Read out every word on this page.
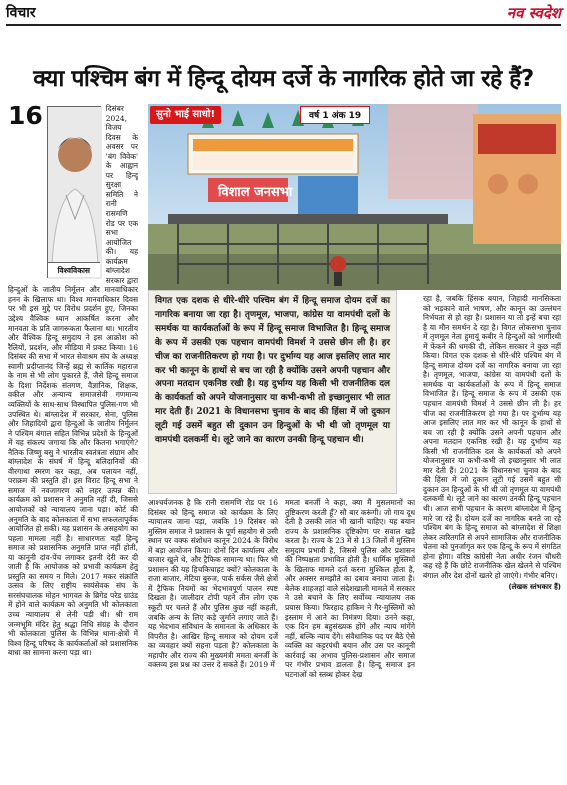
विचार	नव स्वदेश
क्या पश्चिम बंग में हिन्दू दोयम दर्जे के नागरिक होते जा रहे हैं?
16
विश्वविकास
दिसंबर 2024, विजय दिवस के अवसर पर 'बंग विवेक' के आह्वान पर हिन्दू सुरक्षा समिति ने रानी रासमणि रोड पर एक सभा आयोजित की। यह कार्यक्रम बांग्लादेश सरकार द्वारा हिन्दुओं के जातीय निर्मूलन और मानवाधिकार हनन के खिलाफ था। विश्व मानवाधिकार दिवस पर भी इस मुद्दे पर विरोध प्रदर्शन हुए, जिनका उद्देश्य वैश्विक ध्यान आकर्षित करना और मानवता के प्रति जागरूकता फैलाना था। भारतीय और वैश्विक हिन्दू समुदाय ने इस आक्रोश को रैलियों, प्रदर्शन, और मीडिया में प्रकट किया। 16 दिसंबर की सभा में भारत सेवाश्रम संघ के अध्यक्ष स्वामी प्रदीप्तानंद जिन्हें ब्रह्म से कार्तिक महाराज के नाम से भी लोग पुकारते हैं, जैसे हिन्दू समाज के दिशा निर्देशक संतगण, वैज्ञानिक, शिक्षक, वकील और अन्यान्य समाजसेवी गणमान्य व्यक्तियों के साथ-साथ विस्थापित पुलिस-गण भी उपस्थित थे। बांग्लादेश में सरकार, सेना, पुलिस और जिहादियों द्वारा हिन्दुओं के जातीय निर्मूलन ने पश्चिम बंगाल सहित विभिन्न प्रदेशों के हिन्दुओं में यह संकल्प जगाया कि और कितना भगाएंगे? नैतिक जिष्णु बसु ने भारतीय स्वतंत्रता संग्राम और बांग्लादेश के संघर्ष में हिन्दू बलिदानियों की वीरगाथा स्मरण कर कहा, अब पलायन नहीं, पराक्रम की प्रस्तुति हो। इस विराट हिन्दू सभा ने समाज में नवजागरण को लहर उत्पन्न की। कार्यक्रम को प्रशासन ने अनुमति नहीं दी, जिससे आयोजकों को न्यायालय जाना पड़ा। कोर्ट की अनुमति के बाद कोलकाता में सभा सफलतापूर्वक आयोजित हो सकी। यह प्रशासन के असहयोग का पहला मामला नहीं है। साधारणतः यहाँ हिन्दू समाज को प्रशासनिक अनुमति प्राप्त नहीं होती, या कानूनी दांव-पेंच लगाकर इतनी देरी कर दी जाती है कि आयोजक को प्रभावी कार्यक्रम हेतु प्रस्तुति का समय न मिले। 2017 मकर संक्रांति उत्सव के लिए राष्ट्रीय स्वयंसेवक संघ के सरसंघचालक मोहन भागवत के ब्रिगेड परेड ग्राउंड में होने वाले कार्यक्रम को अनुमति भी कोलकाता उच्च न्यायालय से लेनी पड़ी थी। श्री राम जन्मभूमि मंदिर हेतु श्रद्धा निधि संग्रह के दौरान भी कोलकाता पुलिस के विभिन्न थाना-क्षेत्रों में विश्व हिन्दू परिषद के कार्यकर्ताओं को प्रशासनिक बाधा का सामना करना पड़ा था।
विशाल जनसभा
सुनो भाई साधो!	वर्ष 1 अंक 19
विगत एक दशक से धीरे-धीरे पश्चिम बंग में हिन्दू समाज दोयम दर्जे का नागरिक बनाया जा रहा है। तृणमूल, भाजपा, कांग्रेस या वामपंथी दलों के समर्थक या कार्यकर्ताओं के रूप में हिन्दू समाज विभाजित है। हिन्दू समाज के रूप में उसकी एक पहचान वामपंथी विमर्श ने उससे छीन ली है। हर चीज का राजनीतिकरण हो गया है। पर दुर्भाग्य यह आज इसलिए लात मार कर भी कानून के हाथों से बच जा रही है क्योंकि उसने अपनी पहचान और अपना मतदान एकनिष्ठ रखी है। यह दुर्भाग्य यह किसी भी राजनीतिक दल के कार्यकर्ता को अपने योजनानुसार या कभी-कभी तो इच्छानुसार भी लात मार देती हैं। 2021 के विधानसभा चुनाव के बाद की हिंसा में जो दुकान लूटी गई उसमें बहुत सी दुकान उन हिन्दुओं के भी थी जो तृणमूल या वामपंथी दलकर्मी थे। लूटे जाने का कारण उनकी हिन्दू पहचान थी।
आश्चर्यजनक है कि रानी रासमणि रोड पर 16 दिसंबर को हिन्दू समाज को कार्यक्रम के लिए न्यायालय जाना पड़ा, जबकि 19 दिसंबर को मुस्लिम समाज ने प्रशासन के पूर्ण सहयोग से उसी स्थान पर वक्फ संशोधन कानून 2024 के विरोध में बड़ा आयोजन किया। दोनों दिन कार्यालय और बाजार खुले थे, और ट्रैफिक सामान्य था। फिर भी प्रशासन की यह हिचकिचाहट क्यों? कोलकाता के राजा बाजार, मेटिया बुरुज, पार्क सर्कस जैसे क्षेत्रों में ट्रैफिक नियमों का भेदभावपूर्ण पालन स्पष्ट दिखता है। जालीदार टोपी पहने तीन लोग एक स्कूटी पर चलते हैं और पुलिस कुछ नहीं कहती, जबकि अन्य के लिए कड़े जुर्माने लगाए जाते हैं। यह भेदभाव संविधान के समानता के अधिकार के विपरीत है। आखिर हिन्दू समाज को दोयम दर्जे का व्यवहार क्यों सहना पड़ता है? कोलकाता के महापौर और राज्य की मुख्यमंत्री ममता बनर्जी के वक्तव्य इस प्रश्न का उत्तर दे सकते हैं। 2019 में
ममता बनर्जी ने कहा, क्या मैं मुसलमानों का तुष्टिकरण करती हूँ? सौ बार करूंगी। जो गाय दूध देती है उसकी लात भी खानी चाहिए। यह बयान राज्य के प्रशासनिक दृष्टिकोण पर सवाल खड़े करता है। राज्य के 23 में से 13 जिलों में मुस्लिम समुदाय प्रभावी है, जिससे पुलिस और प्रशासन की निष्पक्षता प्रभावित होती है। धार्मिक मुस्लिमों के खिलाफ मामले दर्ज करना मुश्किल होता है, और अक्सर समझौते का दबाव बनाया जाता है। बेलेक शाहजहां वाले संदेशखाली मामले में सरकार ने उसे बचाने के लिए सर्वोच्च न्यायालय तक प्रयास किया। फिरहाद हाकिम ने गैर-मुस्लिमों को इस्लाम में आने का निमंत्रण दिया। उनने कहा, एक दिन हम बहुसंख्यक होंगे और न्याय मांगेंगे नहीं, बल्कि न्याय देंगे। संवैधानिक पद पर बैठे ऐसे व्यक्ति का कट्टरपंथी बयान और उस पर कानूनी कार्रवाई का अभाव पुलिस-प्रशासन और समाज पर गंभीर प्रभाव डालता है। हिन्दू समाज इन घटनाओं को स्तब्ध होकर देख
रहा है, जबकि हिंसक बयान, जिहादी मानसिकता को भड़काने वाले भाषण, और कानून का उल्लंघन निर्भयता से हो रहा है। प्रशासन या तो इन्हें बचा रहा है या मौन समर्थन दे रहा है। विगत लोकसभा चुनाव में तृणमूल नेता हुमायूं कबीर ने हिन्दुओं को भागीरथी में फेंकने की धमकी दी, लेकिन सरकार ने कुछ नहीं किया। विगत एक दशक से धीरे-धीरे पश्चिम बंग में हिन्दू समाज दोयम दर्जे का नागरिक बनाया जा रहा है। तृणमूल, भाजपा, कांग्रेस या वामपंथी दलों के समर्थक या कार्यकर्ताओं के रूप में हिन्दू समाज विभाजित है। हिन्दू समाज के रूप में उसकी एक पहचान वामपंथी विमर्श ने उससे छीन ली है। हर चीज का राजनीतिकरण हो गया है। पर दुर्भाग्य यह आज इसलिए लात मार कर भी कानून के हाथों से बच जा रही है क्योंकि उसने अपनी पहचान और अपना मतदान एकनिष्ठ रखी है। यह दुर्भाग्य यह किसी भी राजनीतिक दल के कार्यकर्ता को अपने योजनानुसार या कभी-कभी तो इच्छानुसार भी लात मार देती हैं। 2021 के विधानसभा चुनाव के बाद की हिंसा में जो दुकान लूटी गई उसमें बहुत सी दुकान उन हिन्दुओं के भी थी जो तृणमूल या वामपंथी दलकर्मी थे। लूटे जाने का कारण उनकी हिन्दू पहचान थी। आज सभी पहचान के कारण बांग्लादेश में हिन्दू मारे जा रहे हैं। दोयम दर्जे का नागरिक बनते जा रहे पश्चिम बंग के हिन्दू समाज को बांग्लादेश से शिक्षा लेकर त्वरितगति से अपने सामाजिक और राजनीतिक चेतना को पुनर्जागृत कर एक हिन्दू के रूप में संगठित होना होगा। वरिष्ठ कांग्रेसी नेता अधीर रंजन चौधरी कह रहे हैं कि छोटे राजनीतिक खेल खेलने से पश्चिम बंगाल और देश दोनों खतरे हो जाएंगे। गंभीर बनिए।
(लेखक स्तंभकार हैं)
